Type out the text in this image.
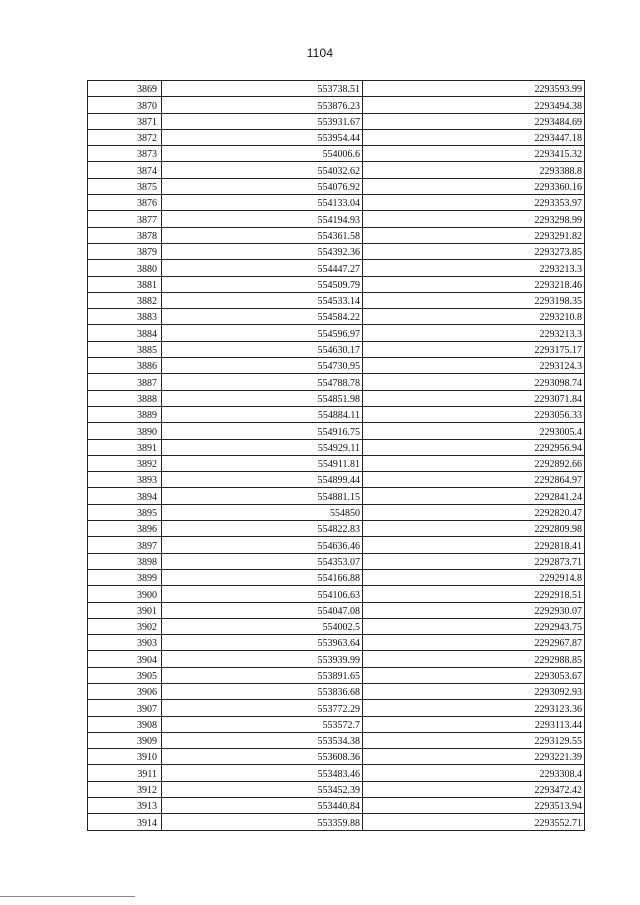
1104
3869	553738.51	2293593.99
3870	553876.23	2293494.38
3871	553931.67	2293484.69
3872	553954.44	2293447.18
3873	554006.6	2293415.32
3874	554032.62	2293388.8
3875	554076.92	2293360.16
3876	554133.04	2293353.97
3877	554194.93	2293298.99
3878	554361.58	2293291.82
3879	554392.36	2293273.85
3880	554447.27	2293213.3
3881	554509.79	2293218.46
3882	554533.14	2293198.35
3883	554584.22	2293210.8
3884	554596.97	2293213.3
3885	554630.17	2293175.17
3886	554730.95	2293124.3
3887	554788.78	2293098.74
3888	554851.98	2293071.84
3889	554884.11	2293056.33
3890	554916.75	2293005.4
3891	554929.11	2292956.94
3892	554911.81	2292892.66
3893	554899.44	2292864.97
3894	554881.15	2292841.24
3895	554850	2292820.47
3896	554822.83	2292809.98
3897	554636.46	2292818.41
3898	554353.07	2292873.71
3899	554166.88	2292914.8
3900	554106.63	2292918.51
3901	554047.08	2292930.07
3902	554002.5	2292943.75
3903	553963.64	2292967.87
3904	553939.99	2292988.85
3905	553891.65	2293053.67
3906	553836.68	2293092.93
3907	553772.29	2293123.36
3908	553572.7	2293113.44
3909	553534.38	2293129.55
3910	553608.36	2293221.39
3911	553483.46	2293308.4
3912	553452.39	2293472.42
3913	553440.84	2293513.94
3914	553359.88	2293552.71
